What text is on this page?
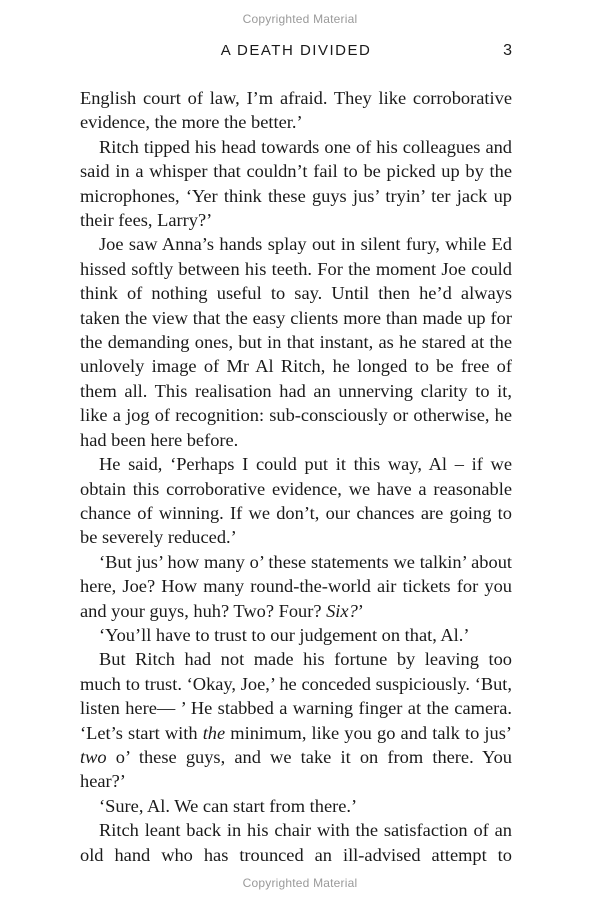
Copyrighted Material
A DEATH DIVIDED	3

English court of law, I’m afraid. They like corroborative evidence, the more the better.’

Ritch tipped his head towards one of his colleagues and said in a whisper that couldn’t fail to be picked up by the microphones, ‘Yer think these guys jus’ tryin’ ter jack up their fees, Larry?’

Joe saw Anna’s hands splay out in silent fury, while Ed hissed softly between his teeth. For the moment Joe could think of nothing useful to say. Until then he’d always taken the view that the easy clients more than made up for the demanding ones, but in that instant, as he stared at the unlovely image of Mr Al Ritch, he longed to be free of them all. This realisation had an unnerving clarity to it, like a jog of recognition: sub-consciously or otherwise, he had been here before.

He said, ‘Perhaps I could put it this way, Al – if we obtain this corroborative evidence, we have a reasonable chance of winning. If we don’t, our chances are going to be severely reduced.’

‘But jus’ how many o’ these statements we talkin’ about here, Joe? How many round-the-world air tickets for you and your guys, huh? Two? Four? Six?’

‘You’ll have to trust to our judgement on that, Al.’

But Ritch had not made his fortune by leaving too much to trust. ‘Okay, Joe,’ he conceded suspiciously. ‘But, listen here— ’ He stabbed a warning finger at the camera. ‘Let’s start with the minimum, like you go and talk to jus’ two o’ these guys, and we take it on from there. You hear?’

‘Sure, Al. We can start from there.’

Ritch leant back in his chair with the satisfaction of an old hand who has trounced an ill-advised attempt to

Copyrighted Material
